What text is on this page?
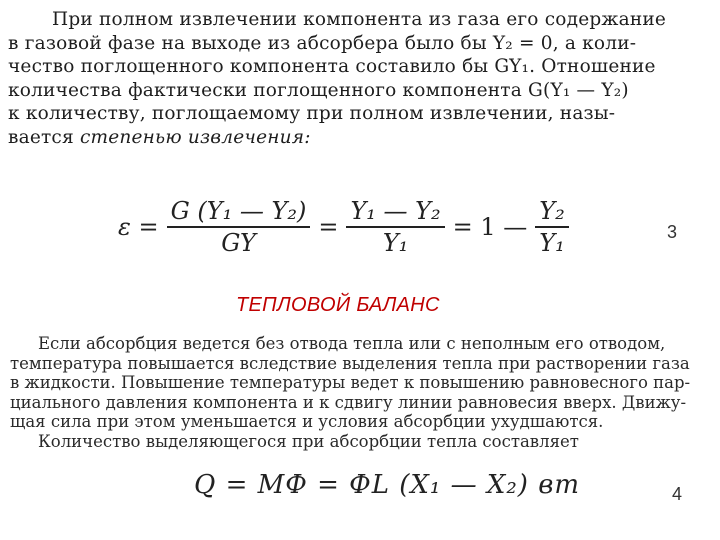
При полном извлечении компонента из газа его содержание

в газовой фазе на выходе из абсорбера было бы Y₂ = 0, а коли-

чество поглощенного компонента составило бы GY₁. Отношение

количества фактически поглощенного компонента G(Y₁ — Y₂)

к количеству, поглощаемому при полном извлечении, назы-

вается степенью извлечения:

$\varepsilon = \frac{\text{G (Y₁ — Y₂)}}{GY} = \frac{\text{Y₁ — Y₂}}{\text{Y₁}} = 1$ — $\frac{\text{Y₂}}{\text{Y₁}}$	3
ТЕПЛОВОЙ БАЛАНС

Если абсорбция ведется без отвода тепла или с неполным его отводом,

температура повышается вследствие выделения тепла при растворении газа

в жидкости. Повышение температуры ведет к повышению равновесного пар-

циального давления компонента и к сдвигу линии равновесия вверх. Движу-

щая сила при этом уменьшается и условия абсорбции ухудшаются.

Количество выделяющегося при абсорбции тепла составляет

Q = MФ = ФL (X₁ — X₂) вт	4
